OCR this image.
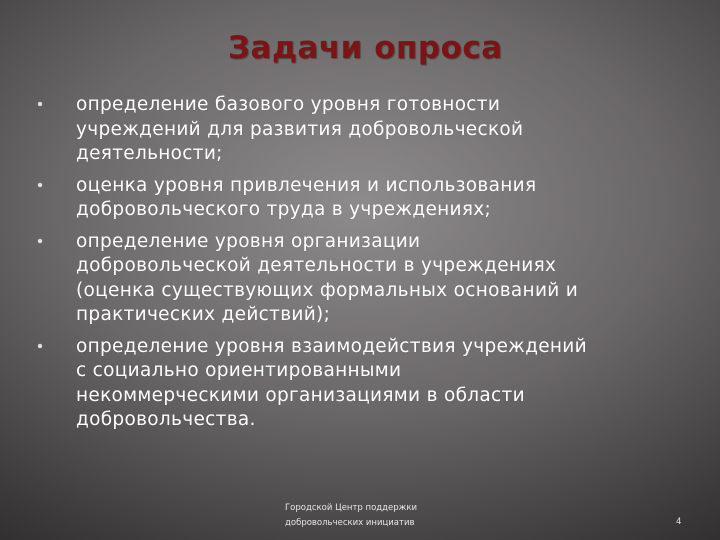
Задачи опроса
определение базового уровня готовности
учреждений для развития добровольческой
деятельности;
оценка уровня привлечения и использования
добровольческого труда в учреждениях;
определение уровня организации
добровольческой деятельности в учреждениях
(оценка существующих формальных оснований и
практических действий);
определение уровня взаимодействия учреждений
с социально ориентированными
некоммерческими организациями в области
добровольчества.
Городской Центр поддержки
добровольческих инициатив	4
